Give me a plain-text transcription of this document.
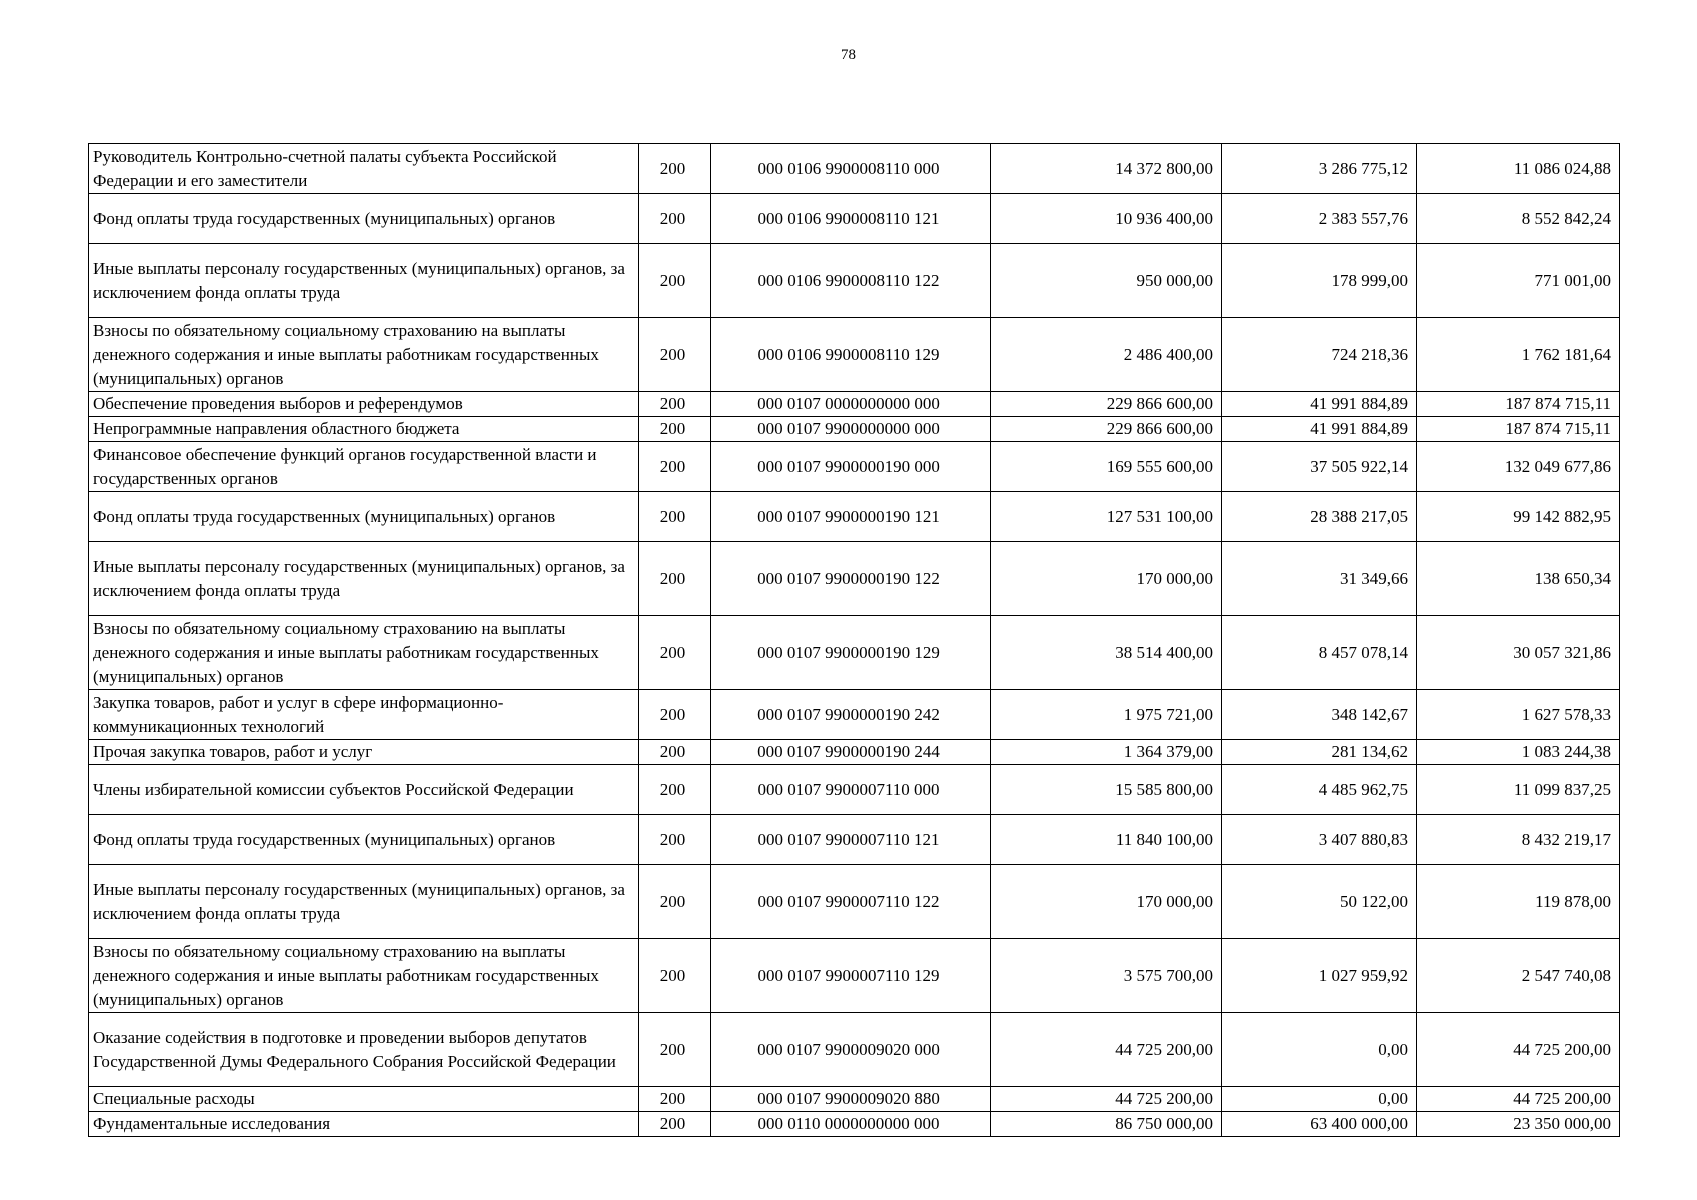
78
Руководитель Контрольно-счетной палаты субъекта Российской Федерации и его заместители	200	000 0106 9900008110 000	14 372 800,00	3 286 775,12	11 086 024,88
Фонд оплаты труда государственных (муниципальных) органов	200	000 0106 9900008110 121	10 936 400,00	2 383 557,76	8 552 842,24
Иные выплаты персоналу государственных (муниципальных) органов, за исключением фонда оплаты труда	200	000 0106 9900008110 122	950 000,00	178 999,00	771 001,00
Взносы по обязательному социальному страхованию на выплаты денежного содержания и иные выплаты работникам государственных (муниципальных) органов	200	000 0106 9900008110 129	2 486 400,00	724 218,36	1 762 181,64
Обеспечение проведения выборов и референдумов	200	000 0107 0000000000 000	229 866 600,00	41 991 884,89	187 874 715,11
Непрограммные направления областного бюджета	200	000 0107 9900000000 000	229 866 600,00	41 991 884,89	187 874 715,11
Финансовое обеспечение функций органов государственной власти и государственных органов	200	000 0107 9900000190 000	169 555 600,00	37 505 922,14	132 049 677,86
Фонд оплаты труда государственных (муниципальных) органов	200	000 0107 9900000190 121	127 531 100,00	28 388 217,05	99 142 882,95
Иные выплаты персоналу государственных (муниципальных) органов, за исключением фонда оплаты труда	200	000 0107 9900000190 122	170 000,00	31 349,66	138 650,34
Взносы по обязательному социальному страхованию на выплаты денежного содержания и иные выплаты работникам государственных (муниципальных) органов	200	000 0107 9900000190 129	38 514 400,00	8 457 078,14	30 057 321,86
Закупка товаров, работ и услуг в сфере информационно-коммуникационных технологий	200	000 0107 9900000190 242	1 975 721,00	348 142,67	1 627 578,33
Прочая закупка товаров, работ и услуг	200	000 0107 9900000190 244	1 364 379,00	281 134,62	1 083 244,38
Члены избирательной комиссии субъектов Российской Федерации	200	000 0107 9900007110 000	15 585 800,00	4 485 962,75	11 099 837,25
Фонд оплаты труда государственных (муниципальных) органов	200	000 0107 9900007110 121	11 840 100,00	3 407 880,83	8 432 219,17
Иные выплаты персоналу государственных (муниципальных) органов, за исключением фонда оплаты труда	200	000 0107 9900007110 122	170 000,00	50 122,00	119 878,00
Взносы по обязательному социальному страхованию на выплаты денежного содержания и иные выплаты работникам государственных (муниципальных) органов	200	000 0107 9900007110 129	3 575 700,00	1 027 959,92	2 547 740,08
Оказание содействия в подготовке и проведении выборов депутатов Государственной Думы Федерального Собрания Российской Федерации	200	000 0107 9900009020 000	44 725 200,00	0,00	44 725 200,00
Специальные расходы	200	000 0107 9900009020 880	44 725 200,00	0,00	44 725 200,00
Фундаментальные исследования	200	000 0110 0000000000 000	86 750 000,00	63 400 000,00	23 350 000,00
